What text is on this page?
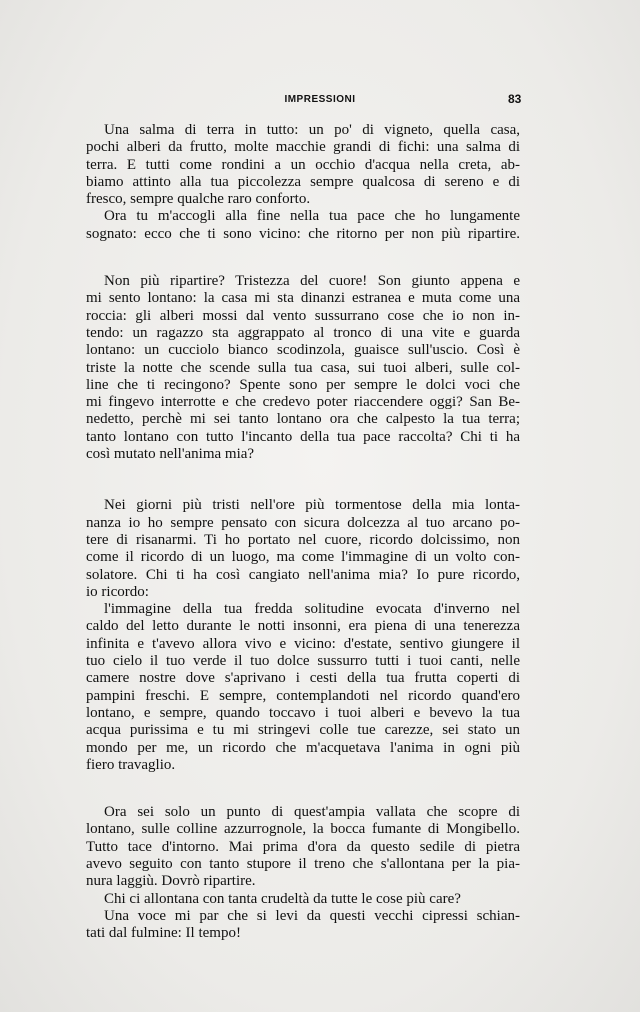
IMPRESSIONI	83
Una salma di terra in tutto: un po' di vigneto, quella casa,
pochi alberi da frutto, molte macchie grandi di fichi: una salma di
terra. E tutti come rondini a un occhio d'acqua nella creta, ab-
biamo attinto alla tua piccolezza sempre qualcosa di sereno e di
fresco, sempre qualche raro conforto.
Ora tu m'accogli alla fine nella tua pace che ho lungamente
sognato: ecco che ti sono vicino: che ritorno per non più ripartire.
Non più ripartire? Tristezza del cuore! Son giunto appena e
mi sento lontano: la casa mi sta dinanzi estranea e muta come una
roccia: gli alberi mossi dal vento sussurrano cose che io non in-
tendo: un ragazzo sta aggrappato al tronco di una vite e guarda
lontano: un cucciolo bianco scodinzola, guaisce sull'uscio. Così è
triste la notte che scende sulla tua casa, sui tuoi alberi, sulle col-
line che ti recingono? Spente sono per sempre le dolci voci che
mi fingevo interrotte e che credevo poter riaccendere oggi? San Be-
nedetto, perchè mi sei tanto lontano ora che calpesto la tua terra;
tanto lontano con tutto l'incanto della tua pace raccolta? Chi ti ha
così mutato nell'anima mia?
Nei giorni più tristi nell'ore più tormentose della mia lonta-
nanza io ho sempre pensato con sicura dolcezza al tuo arcano po-
tere di risanarmi. Ti ho portato nel cuore, ricordo dolcissimo, non
come il ricordo di un luogo, ma come l'immagine di un volto con-
solatore. Chi ti ha così cangiato nell'anima mia? Io pure ricordo,
io ricordo:
l'immagine della tua fredda solitudine evocata d'inverno nel
caldo del letto durante le notti insonni, era piena di una tenerezza
infinita e t'avevo allora vivo e vicino: d'estate, sentivo giungere il
tuo cielo il tuo verde il tuo dolce sussurro tutti i tuoi canti, nelle
camere nostre dove s'aprivano i cesti della tua frutta coperti di
pampini freschi. E sempre, contemplandoti nel ricordo quand'ero
lontano, e sempre, quando toccavo i tuoi alberi e bevevo la tua
acqua purissima e tu mi stringevi colle tue carezze, sei stato un
mondo per me, un ricordo che m'acquetava l'anima in ogni più
fiero travaglio.
Ora sei solo un punto di quest'ampia vallata che scopre di
lontano, sulle colline azzurrognole, la bocca fumante di Mongibello.
Tutto tace d'intorno. Mai prima d'ora da questo sedile di pietra
avevo seguito con tanto stupore il treno che s'allontana per la pia-
nura laggiù. Dovrò ripartire.
Chi ci allontana con tanta crudeltà da tutte le cose più care?
Una voce mi par che si levi da questi vecchi cipressi schian-
tati dal fulmine: Il tempo!
